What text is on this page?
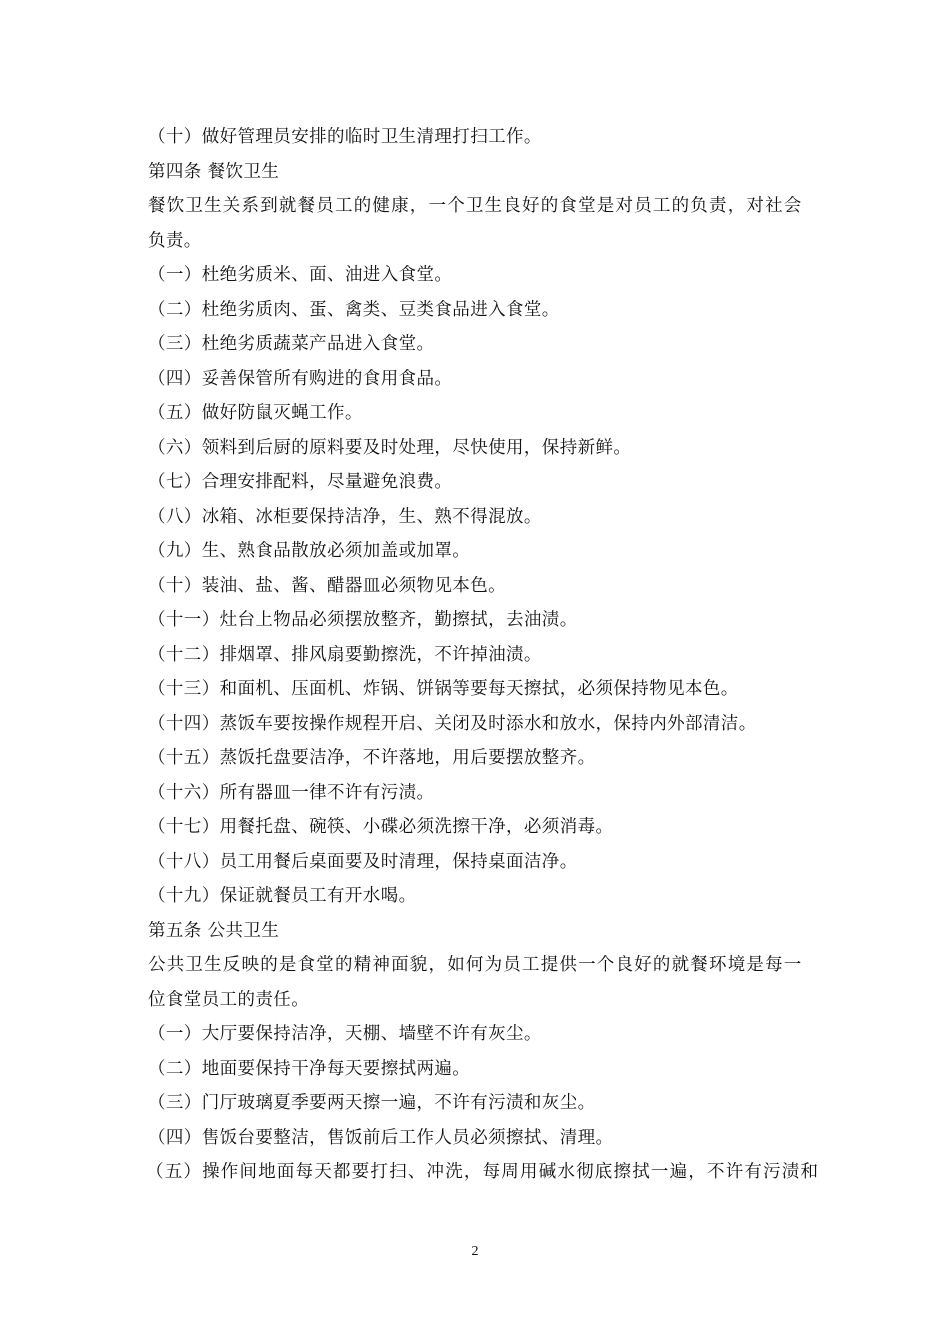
（十）做好管理员安排的临时卫生清理打扫工作。
第四条 餐饮卫生
餐饮卫生关系到就餐员工的健康，一个卫生良好的食堂是对员工的负责，对社会
负责。
（一）杜绝劣质米、面、油进入食堂。
（二）杜绝劣质肉、蛋、禽类、豆类食品进入食堂。
（三）杜绝劣质蔬菜产品进入食堂。
（四）妥善保管所有购进的食用食品。
（五）做好防鼠灭蝇工作。
（六）领料到后厨的原料要及时处理，尽快使用，保持新鲜。
（七）合理安排配料，尽量避免浪费。
（八）冰箱、冰柜要保持洁净，生、熟不得混放。
（九）生、熟食品散放必须加盖或加罩。
（十）装油、盐、酱、醋器皿必须物见本色。
（十一）灶台上物品必须摆放整齐，勤擦拭，去油渍。
（十二）排烟罩、排风扇要勤擦洗，不许掉油渍。
（十三）和面机、压面机、炸锅、饼锅等要每天擦拭，必须保持物见本色。
（十四）蒸饭车要按操作规程开启、关闭及时添水和放水，保持内外部清洁。
（十五）蒸饭托盘要洁净，不许落地，用后要摆放整齐。
（十六）所有器皿一律不许有污渍。
（十七）用餐托盘、碗筷、小碟必须洗擦干净，必须消毒。
（十八）员工用餐后桌面要及时清理，保持桌面洁净。
（十九）保证就餐员工有开水喝。
第五条 公共卫生
公共卫生反映的是食堂的精神面貌，如何为员工提供一个良好的就餐环境是每一
位食堂员工的责任。
（一）大厅要保持洁净，天棚、墙壁不许有灰尘。
（二）地面要保持干净每天要擦拭两遍。
（三）门厅玻璃夏季要两天擦一遍，不许有污渍和灰尘。
（四）售饭台要整洁，售饭前后工作人员必须擦拭、清理。
（五）操作间地面每天都要打扫、冲洗，每周用碱水彻底擦拭一遍，不许有污渍和
2
